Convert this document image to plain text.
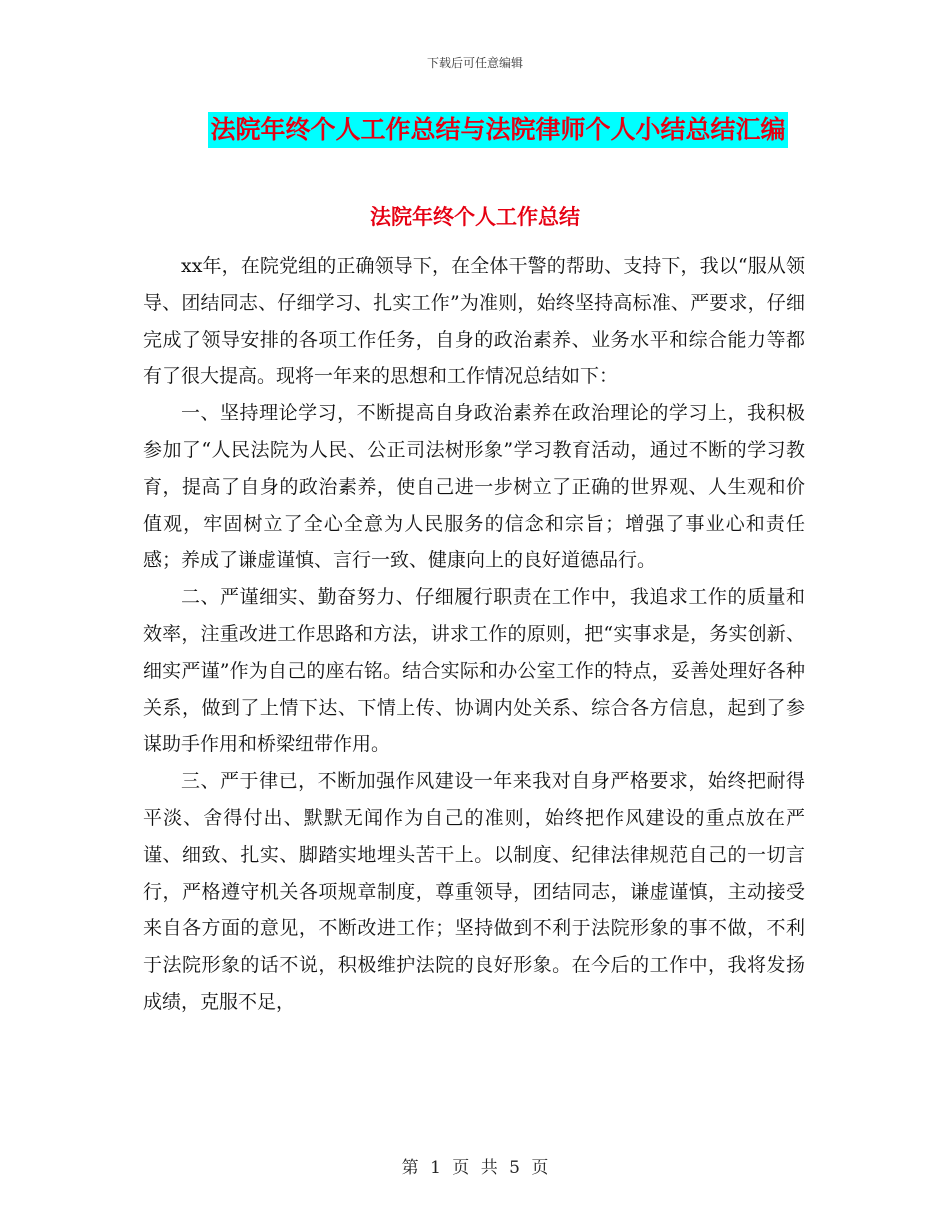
下载后可任意编辑
法院年终个人工作总结与法院律师个人小结总结汇编
法院年终个人工作总结

xx年，在院党组的正确领导下，在全体干警的帮助、支持下，我以“服从领导、团结同志、仔细学习、扎实工作”为准则，始终坚持高标准、严要求，仔细完成了领导安排的各项工作任务，自身的政治素养、业务水平和综合能力等都有了很大提高。现将一年来的思想和工作情况总结如下：

一、坚持理论学习，不断提高自身政治素养在政治理论的学习上，我积极参加了“人民法院为人民、公正司法树形象”学习教育活动，通过不断的学习教育，提高了自身的政治素养，使自己进一步树立了正确的世界观、人生观和价值观，牢固树立了全心全意为人民服务的信念和宗旨；增强了事业心和责任感；养成了谦虚谨慎、言行一致、健康向上的良好道德品行。

二、严谨细实、勤奋努力、仔细履行职责在工作中，我追求工作的质量和效率，注重改进工作思路和方法，讲求工作的原则，把“实事求是，务实创新、细实严谨”作为自己的座右铭。结合实际和办公室工作的特点，妥善处理好各种关系，做到了上情下达、下情上传、协调内处关系、综合各方信息，起到了参谋助手作用和桥梁纽带作用。

三、严于律已，不断加强作风建设一年来我对自身严格要求，始终把耐得平淡、舍得付出、默默无闻作为自己的准则，始终把作风建设的重点放在严谨、细致、扎实、脚踏实地埋头苦干上。以制度、纪律法律规范自己的一切言行，严格遵守机关各项规章制度，尊重领导，团结同志，谦虚谨慎，主动接受来自各方面的意见，不断改进工作；坚持做到不利于法院形象的事不做，不利于法院形象的话不说，积极维护法院的良好形象。在今后的工作中，我将发扬成绩，克服不足，

第 1 页 共 5 页
